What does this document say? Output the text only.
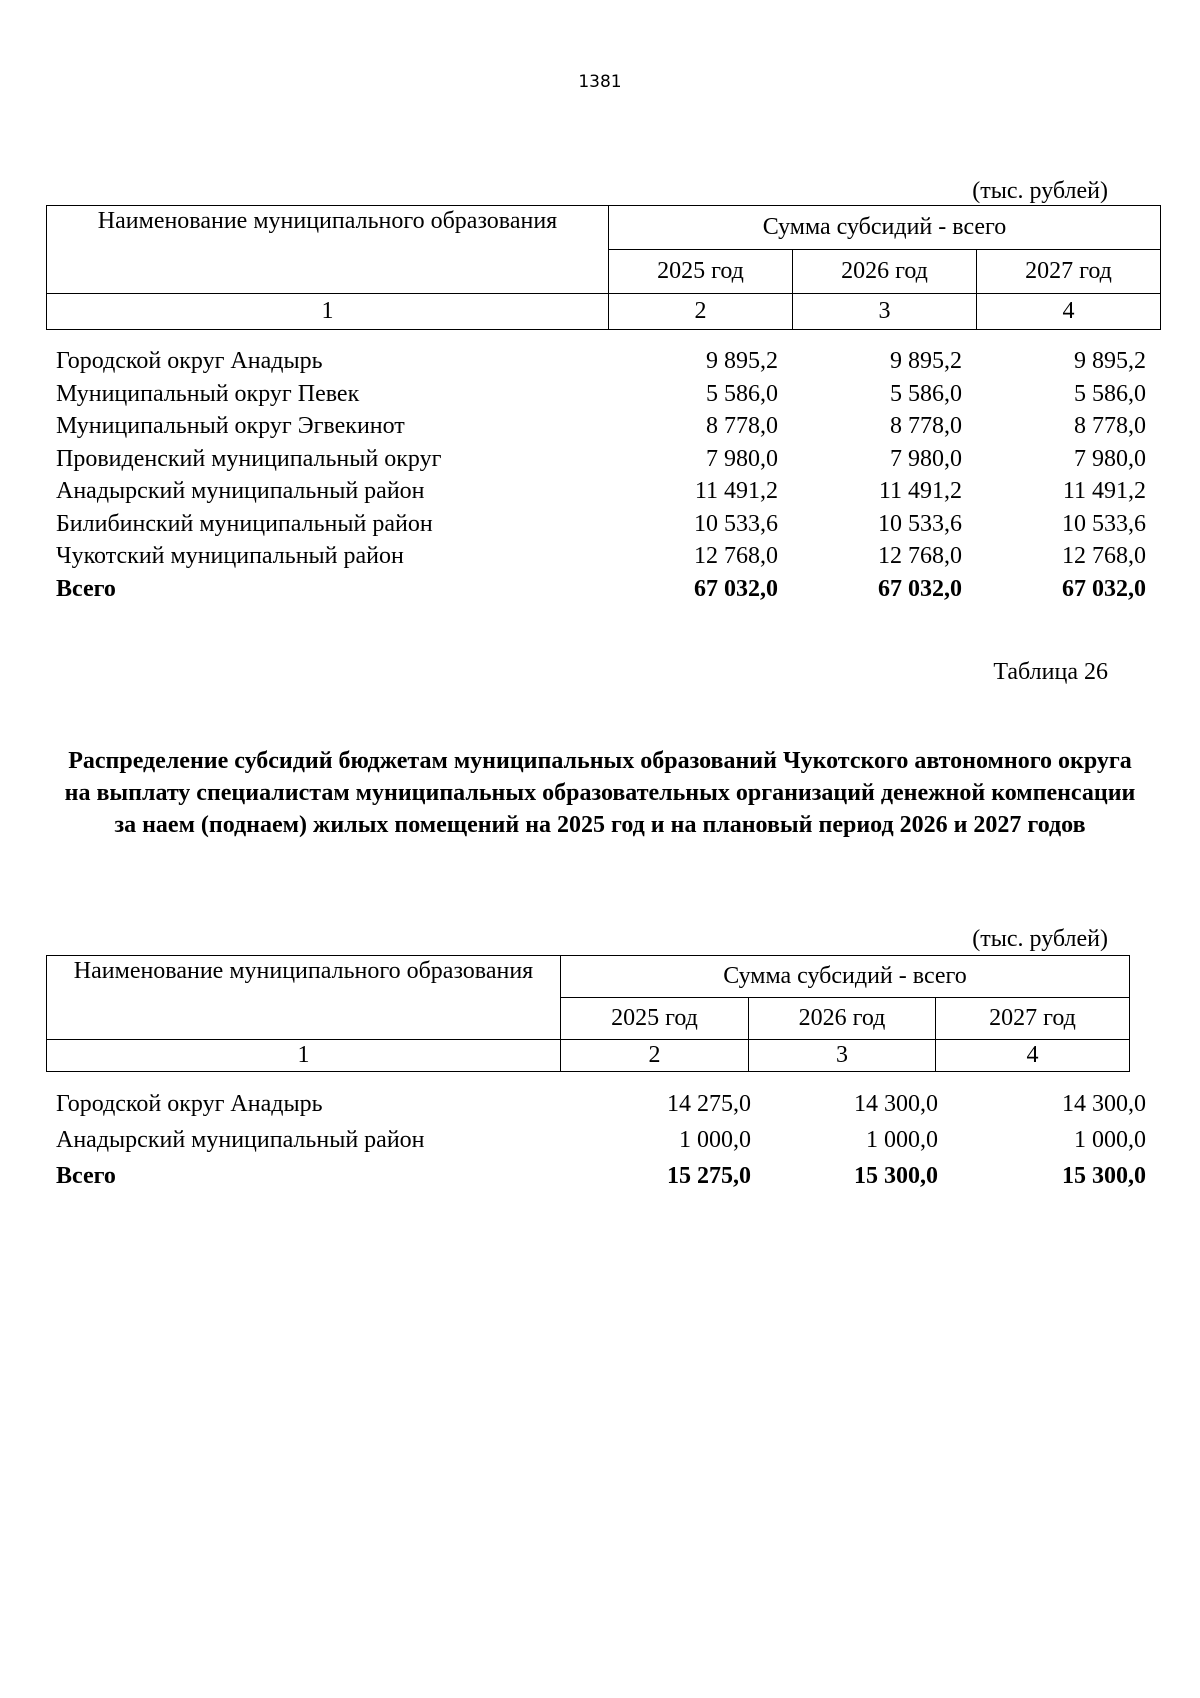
1381
(тыс. рублей)
Наименование муниципального образования	Сумма субсидий - всего		
	2025 год	2026 год	2027 год
1	2	3	4
Городской округ Анадырь	9 895,2	9 895,2	9 895,2
Муниципальный округ Певек	5 586,0	5 586,0	5 586,0
Муниципальный округ Эгвекинот	8 778,0	8 778,0	8 778,0
Провиденский муниципальный округ	7 980,0	7 980,0	7 980,0
Анадырский муниципальный район	11 491,2	11 491,2	11 491,2
Билибинский муниципальный район	10 533,6	10 533,6	10 533,6
Чукотский муниципальный район	12 768,0	12 768,0	12 768,0
Всего	67 032,0	67 032,0	67 032,0
Таблица 26
Распределение субсидий бюджетам муниципальных образований Чукотского автономного округа на выплату специалистам муниципальных образовательных организаций денежной компенсации за наем (поднаем) жилых помещений на 2025 год и на плановый период 2026 и 2027 годов
(тыс. рублей)
Наименование муниципального образования	Сумма субсидий - всего		
	2025 год	2026 год	2027 год
1	2	3	4
Городской округ Анадырь	14 275,0	14 300,0	14 300,0
Анадырский муниципальный район	1 000,0	1 000,0	1 000,0
Всего	15 275,0	15 300,0	15 300,0
